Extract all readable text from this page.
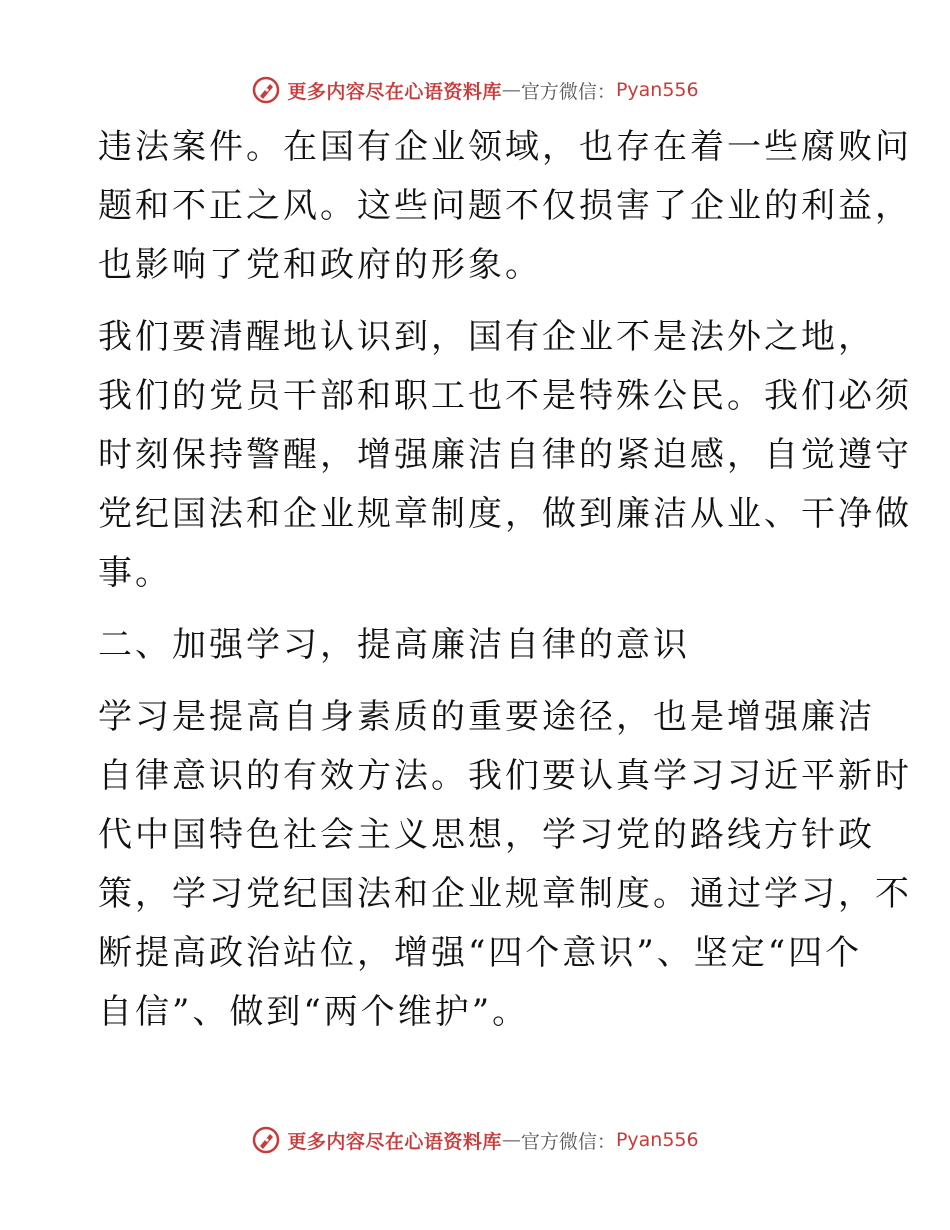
更多内容尽在心语资料库 — 官方微信： Pyan556

违法案件。在国有企业领域，也存在着一些腐败问
题和不正之风。这些问题不仅损害了企业的利益，
也影响了党和政府的形象。

我们要清醒地认识到，国有企业不是法外之地，
我们的党员干部和职工也不是特殊公民。我们必须
时刻保持警醒，增强廉洁自律的紧迫感，自觉遵守
党纪国法和企业规章制度，做到廉洁从业、干净做
事。

二、加强学习，提高廉洁自律的意识

学习是提高自身素质的重要途径，也是增强廉洁
自律意识的有效方法。我们要认真学习习近平新时
代中国特色社会主义思想，学习党的路线方针政
策，学习党纪国法和企业规章制度。通过学习，不
断提高政治站位，增强“四个意识”、坚定“四个
自信”、做到“两个维护”。

更多内容尽在心语资料库 — 官方微信： Pyan556
